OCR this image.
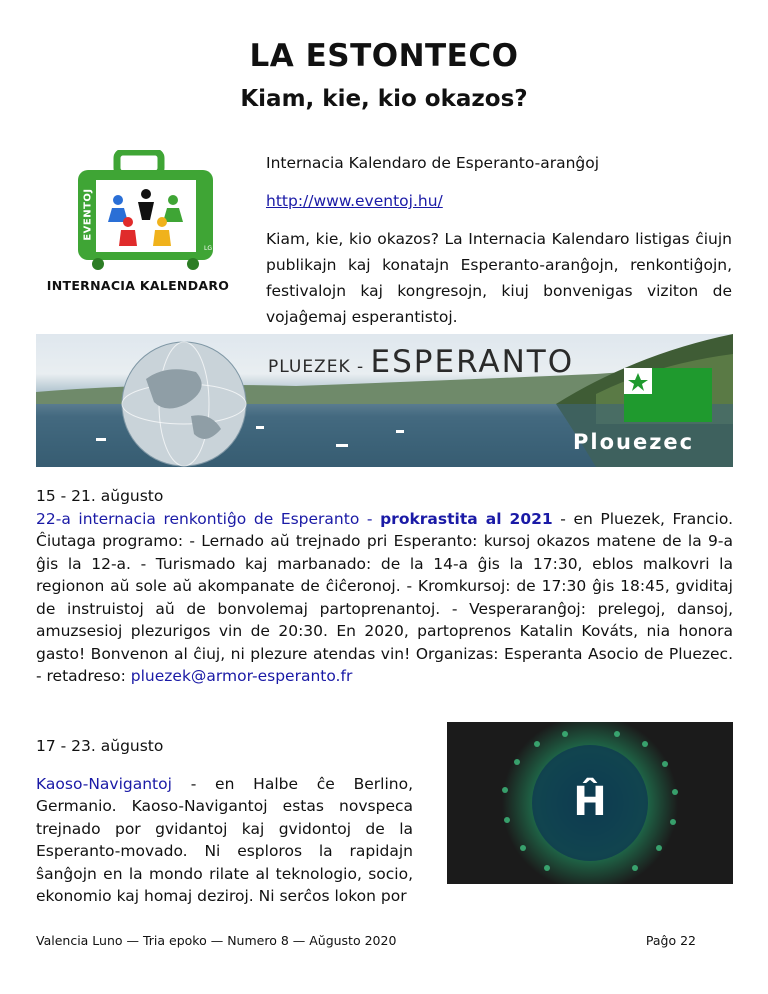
LA ESTONTECO
Kiam, kie, kio okazos?
LG
EVENTOJ
INTERNACIA KALENDARO

Internacia Kalendaro de Esperanto-aranĝoj

http://www.eventoj.hu/

Kiam, kie, kio okazos? La Internacia Kalendaro listigas ĉiujn publikajn kaj konatajn Esperanto-aranĝojn, renkontiĝojn, festivalojn kaj kongresojn, kiuj bonvenigas viziton de vojaĝemaj esperantistoj.

PLUEZEK - ESPERANTO
Plouezec
15 - 21. aŭgusto
22-a internacia renkontiĝo de Esperanto - prokrastita al 2021 - en Pluezek, Francio. Ĉiutaga programo: - Lernado aŭ trejnado pri Esperanto: kursoj okazos matene de la 9-a ĝis la 12-a. - Turismado kaj marbanado: de la 14-a ĝis la 17:30, eblos malkovri la regionon aŭ sole aŭ akompanate de ĉiĉeronoj. - Kromkursoj: de 17:30 ĝis 18:45, gviditaj de instruistoj aŭ de bonvolemaj partoprenantoj. - Vesperaranĝoj: prelegoj, dansoj, amuzsesioj plezurigos vin de 20:30. En 2020, partoprenos Katalin Kováts, nia honora gasto! Bonvenon al ĉiuj, ni plezure atendas vin! Organizas: Esperanta Asocio de Pluezec. - retadreso: pluezek@armor-esperanto.fr
17 - 23. aŭgusto
Kaoso-Navigantoj - en Halbe ĉe Berlino, Germanio. Kaoso-Navigantoj estas novspeca trejnado por gvidantoj kaj gvidontoj de la Esperanto-movado. Ni esploros la rapidajn ŝanĝojn en la mondo rilate al teknologio, socio, ekonomio kaj homaj deziroj. Ni serĉos lokon por
Ĥ
Valencia Luno — Tria epoko — Numero 8 — Aŭgusto 2020	Paĝo 22
